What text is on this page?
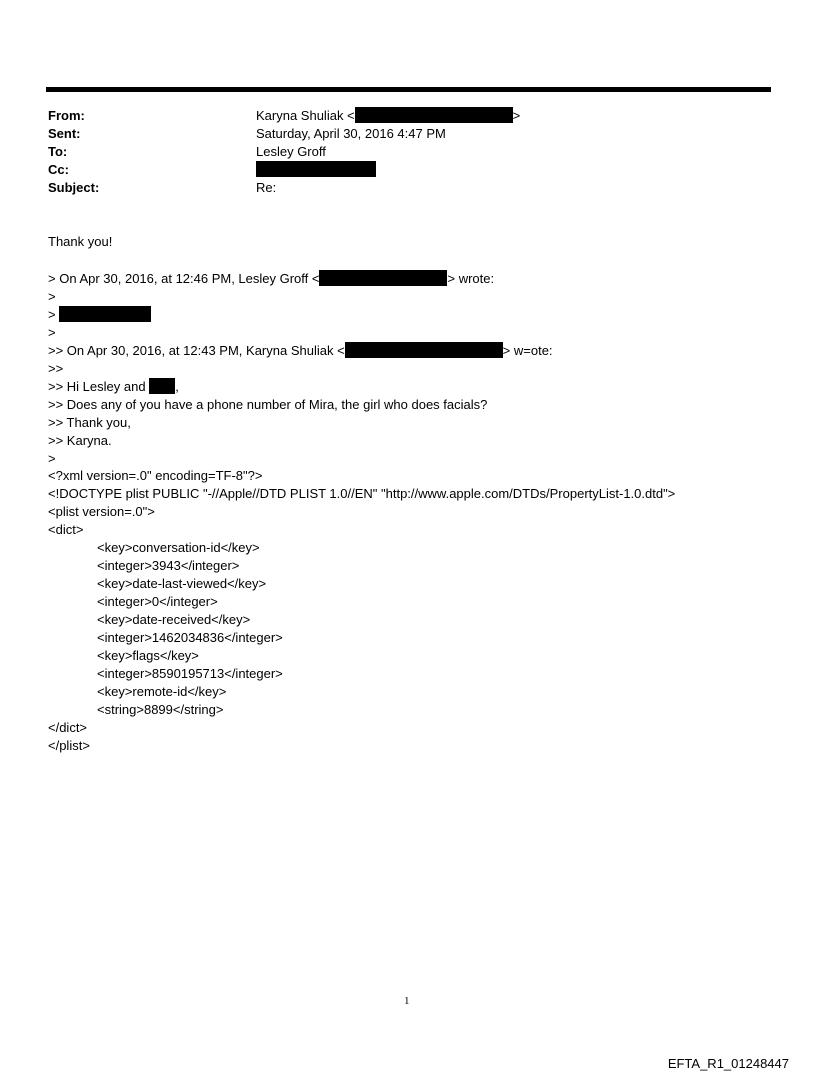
From:	Karyna Shuliak <	>
Sent:	Saturday, April 30, 2016 4:47 PM
To:	Lesley Groff
Cc:
Subject:	Re:
Thank you!
> On Apr 30, 2016, at 12:46 PM, Lesley Groff <	> wrote:
>
>
>
>> On Apr 30, 2016, at 12:43 PM, Karyna Shuliak <	> w=ote:
>>
>> Hi Lesley and ,
>> Does any of you have a phone number of Mira, the girl who does facials?
>> Thank you,
>> Karyna.
>
<?xml version=.0" encoding=TF-8"?>
<!DOCTYPE plist PUBLIC "-//Apple//DTD PLIST 1.0//EN" "http://www.apple.com/DTDs/PropertyList-1.0.dtd">
<plist version=.0">
<dict>
<key>conversation-id</key>
<integer>3943</integer>
<key>date-last-viewed</key>
<integer>0</integer>
<key>date-received</key>
<integer>1462034836</integer>
<key>flags</key>
<integer>8590195713</integer>
<key>remote-id</key>
<string>8899</string>
</dict>
</plist>
1
EFTA_R1_01248447
